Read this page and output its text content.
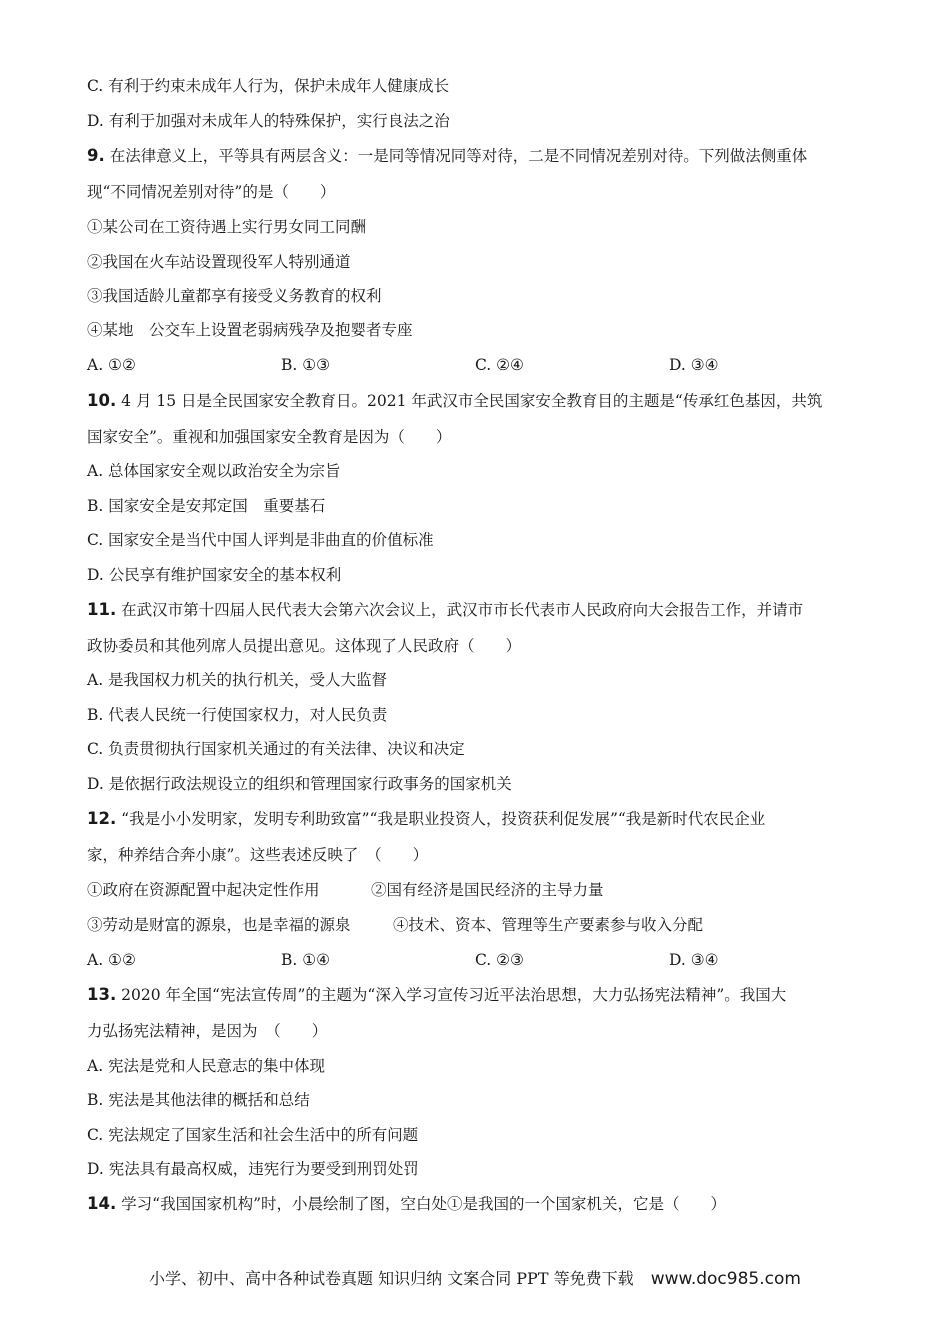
C. 有利于约束未成年人行为，保护未成年人健康成长
D. 有利于加强对未成年人的特殊保护，实行良法之治
9. 在法律意义上，平等具有两层含义：一是同等情况同等对待，二是不同情况差别对待。下列做法侧重体
现“不同情况差别对待”的是（　　）
①某公司在工资待遇上实行男女同工同酬
②我国在火车站设置现役军人特别通道
③我国适龄儿童都享有接受义务教育的权利
④某地　公交车上设置老弱病残孕及抱婴者专座
A. ①②	B. ①③	C. ②④	D. ③④
10. 4 月 15 日是全民国家安全教育日。2021 年武汉市全民国家安全教育目的主题是“传承红色基因，共筑
国家安全”。重视和加强国家安全教育是因为（　　）
A. 总体国家安全观以政治安全为宗旨
B. 国家安全是安邦定国　重要基石
C. 国家安全是当代中国人评判是非曲直的价值标准
D. 公民享有维护国家安全的基本权利
11. 在武汉市第十四届人民代表大会第六次会议上，武汉市市长代表市人民政府向大会报告工作，并请市
政协委员和其他列席人员提出意见。这体现了人民政府（　　）
A. 是我国权力机关的执行机关，受人大监督
B. 代表人民统一行使国家权力，对人民负责
C. 负责贯彻执行国家机关通过的有关法律、决议和决定
D. 是依据行政法规设立的组织和管理国家行政事务的国家机关
12. “我是小小发明家，发明专利助致富”“我是职业投资人，投资获利促发展”“我是新时代农民企业
家，种养结合奔小康”。这些表述反映了　（　　）
①政府在资源配置中起决定性作用	②国有经济是国民经济的主导力量
③劳动是财富的源泉，也是幸福的源泉	④技术、资本、管理等生产要素参与收入分配
A. ①②	B. ①④	C. ②③	D. ③④
13. 2020 年全国“宪法宣传周”的主题为“深入学习宣传习近平法治思想，大力弘扬宪法精神”。我国大
力弘扬宪法精神，是因为　（　　）
A. 宪法是党和人民意志的集中体现
B. 宪法是其他法律的概括和总结
C. 宪法规定了国家生活和社会生活中的所有问题
D. 宪法具有最高权威，违宪行为要受到刑罚处罚
14. 学习“我国国家机构”时，小晨绘制了图，空白处①是我国的一个国家机关，它是（　　）
小学、初中、高中各种试卷真题 知识归纳 文案合同 PPT 等免费下载 www.doc985.com
